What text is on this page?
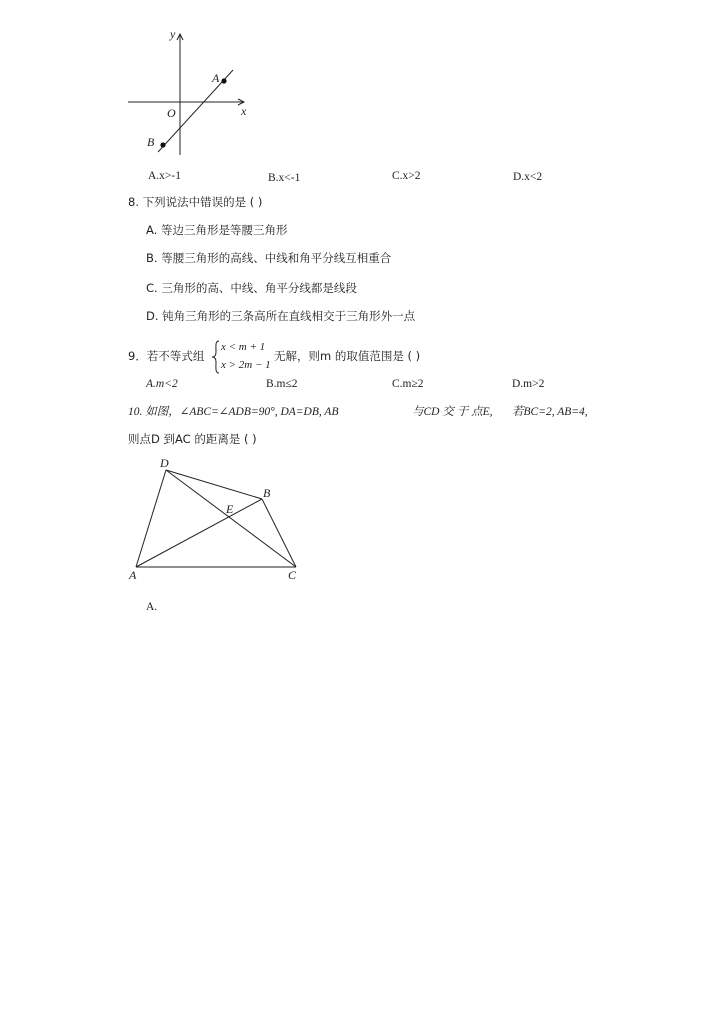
y
x
O
A
B
A.x>-1	B.x<-1	C.x>2	D.x<2
8. 下列说法中错误的是 ( )
A. 等边三角形是等腰三角形
B. 等腰三角形的高线、中线和角平分线互相重合
C. 三角形的高、中线、角平分线都是线段
D. 钝角三角形的三条高所在直线相交于三角形外一点
9．若不等式组
x < m + 1
x > 2m − 1
无解，则m 的取值范围是 ( )
A.m<2	B.m≤2	C.m≥2	D.m>2
10. 如图，∠ABC=∠ADB=90°, DA=DB, AB	与CD 交 于 点E, 若BC=2, AB=4,
则点D 到AC 的距离是 ( )
D
B
E
A	C
A.
